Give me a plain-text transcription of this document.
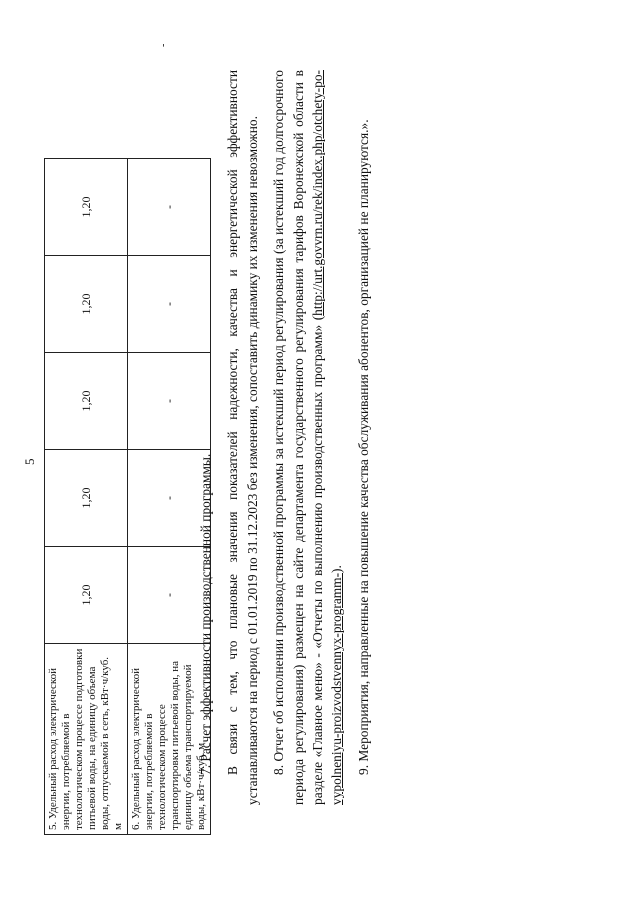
5
-
5. Удельный расход электрической энергии, потребляемой в технологическом процессе подготовки питьевой воды, на единицу объема воды, отпускаемой в сеть, кВт·ч/куб. м	1,20	1,20	1,20	1,20	1,20
6. Удельный расход электрической энергии, потребляемой в технологическом процессе транспортировки питьевой воды, на единицу объема транспортируемой воды, кВт·ч/куб. м	-	-	-	-	-

7. Расчет эффективности производственной программы. В связи с тем, что плановые значения показателей надежности, качества и энергетической эффективности устанавливаются на период с 01.01.2019 по 31.12.2023 без изменения, сопоставить динамику их изменения невозможно. 8. Отчет об исполнении производственной программы за истекший период регулирования (за истекший год долгосрочного периода регулирования) размещен на сайте департамента государственного регулирования тарифов Воронежской области в разделе «Главное меню» - «Отчеты по выполнению производственных программ» (http://urt.govvrn.ru/rek/index.php/otchety-po-vypolneniyu-proizvodstvennyx-programm-). 9. Мероприятия, направленные на повышение качества обслуживания абонентов, организацией не планируются.».
